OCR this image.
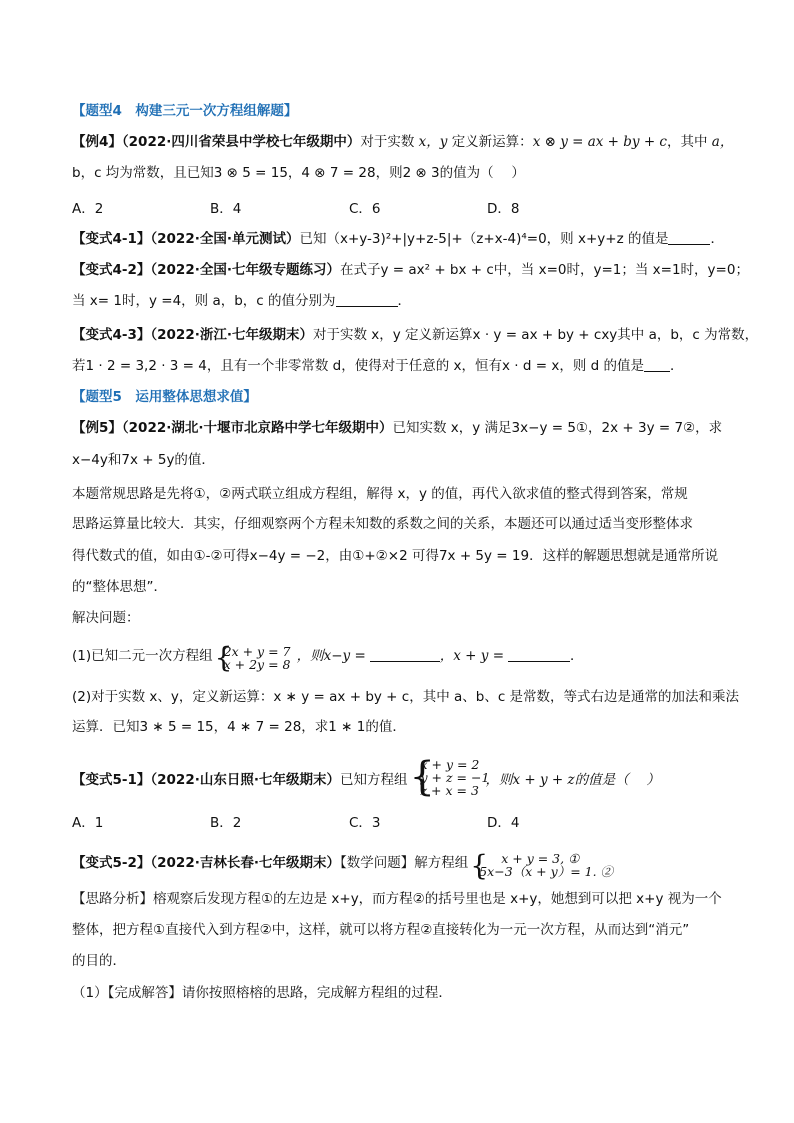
【题型4　构建三元一次方程组解题】
【例4】（2022·四川省荣县中学校七年级期中）对于实数 x，y 定义新运算：x ⊗ y = ax + by + c，其中 a，
b，c 均为常数，且已知3 ⊗ 5 = 15，4 ⊗ 7 = 28，则2 ⊗ 3的值为（　 ）
A．2	B．4	C．6	D．8
【变式4-1】（2022·全国·单元测试）已知（x+y-3)²+|y+z-5|+（z+x-4)⁴=0，则 x+y+z 的值是	．
【变式4-2】（2022·全国·七年级专题练习）在式子y = ax² + bx + c中，当 x=0时，y=1；当 x=1时，y=0；
当 x= 1时，y =4，则 a，b，c 的值分别为	．
【变式4-3】（2022·浙江·七年级期末）对于实数 x，y 定义新运算x · y = ax + by + cxy其中 a，b，c 为常数，
若1 · 2 = 3,2 · 3 = 4，且有一个非零常数 d，使得对于任意的 x，恒有x · d = x，则 d 的值是 ．
【题型5　运用整体思想求值】
【例5】（2022·湖北·十堰市北京路中学七年级期中）已知实数 x，y 满足3x−y = 5①，2x + 3y = 7②，求
x−4y和7x + 5y的值．
本题常规思路是先将①，②两式联立组成方程组，解得 x，y 的值，再代入欲求值的整式得到答案，常规
思路运算量比较大．其实，仔细观察两个方程未知数的系数之间的关系，本题还可以通过适当变形整体求
得代数式的值，如由①-②可得x−4y = −2，由①+②×2 可得7x + 5y = 19．这样的解题思想就是通常所说
的“整体思想”．
解决问题：
(1)已知二元一次方程组 {
2x + y = 7
x + 2y = 8
，则x−y =	，x + y =	．
(2)对于实数 x、y，定义新运算：x ∗ y = ax + by + c，其中 a、b、c 是常数，等式右边是通常的加法和乘法
运算．已知3 ∗ 5 = 15，4 ∗ 7 = 28，求1 ∗ 1的值．
【变式5-1】（2022·山东日照·七年级期末）已知方程组 {
x + y = 2
y + z = −1
z + x = 3
，则x + y + z的值是（　 ）
A．1	B．2	C．3	D．4
【变式5-2】（2022·吉林长春·七年级期末）【数学问题】解方程组 {	x + y = 3, ①
5x−3（x + y）= 1. ②
【思路分析】榕观察后发现方程①的左边是 x+y，而方程②的括号里也是 x+y，她想到可以把 x+y 视为一个
整体，把方程①直接代入到方程②中，这样，就可以将方程②直接转化为一元一次方程，从而达到“消元”
的目的．
（1）【完成解答】请你按照榕榕的思路，完成解方程组的过程．
